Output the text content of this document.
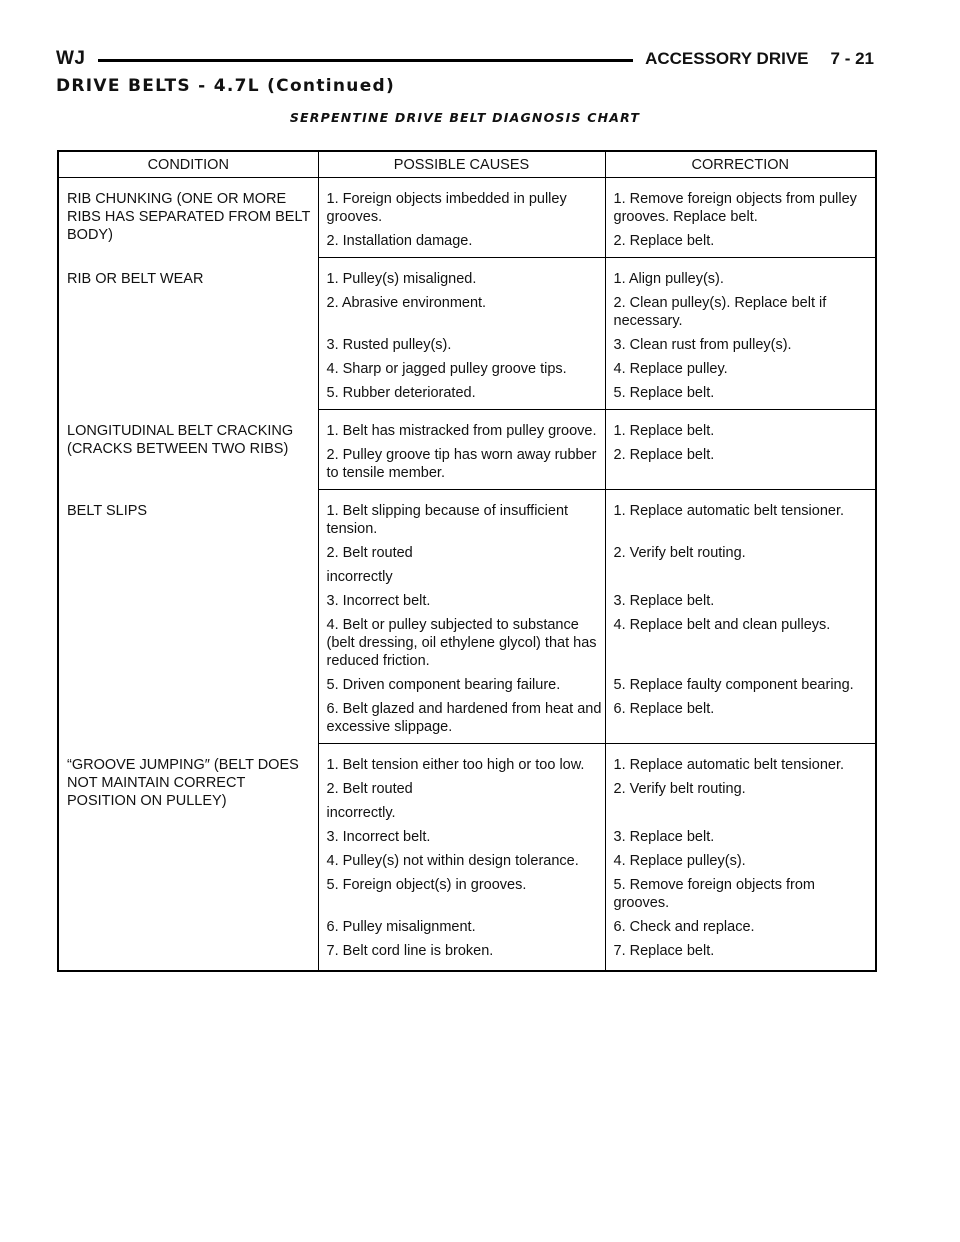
WJ	ACCESSORY DRIVE 7 - 21
DRIVE BELTS - 4.7L (Continued)
SERPENTINE DRIVE BELT DIAGNOSIS CHART
CONDITION	POSSIBLE CAUSES	CORRECTION
RIB CHUNKING (ONE OR MORE RIBS HAS SEPARATED FROM BELT BODY)	1. Foreign objects imbedded in pulley grooves.	1. Remove foreign objects from pulley grooves. Replace belt.
	2. Installation damage.	2. Replace belt.
RIB OR BELT WEAR	1. Pulley(s) misaligned.	1. Align pulley(s).
	2. Abrasive environment.	2. Clean pulley(s). Replace belt if necessary.
	3. Rusted pulley(s).	3. Clean rust from pulley(s).
	4. Sharp or jagged pulley groove tips.	4. Replace pulley.
	5. Rubber deteriorated.	5. Replace belt.
LONGITUDINAL BELT CRACKING (CRACKS BETWEEN TWO RIBS)	1. Belt has mistracked from pulley groove.	1. Replace belt.
	2. Pulley groove tip has worn away rubber to tensile member.	2. Replace belt.
BELT SLIPS	1. Belt slipping because of insufficient tension.	1. Replace automatic belt tensioner.
	2. Belt routed	2. Verify belt routing.
	incorrectly	
	3. Incorrect belt.	3. Replace belt.
	4. Belt or pulley subjected to substance (belt dressing, oil ethylene glycol) that has reduced friction.	4. Replace belt and clean pulleys.
	5. Driven component bearing failure.	5. Replace faulty component bearing.
	6. Belt glazed and hardened from heat and excessive slippage.	6. Replace belt.
“GROOVE JUMPING″ (BELT DOES NOT MAINTAIN CORRECT POSITION ON PULLEY)	1. Belt tension either too high or too low.	1. Replace automatic belt tensioner.
	2. Belt routed	2. Verify belt routing.
	incorrectly.	
	3. Incorrect belt.	3. Replace belt.
	4. Pulley(s) not within design tolerance.	4. Replace pulley(s).
	5. Foreign object(s) in grooves.	5. Remove foreign objects from grooves.
	6. Pulley misalignment.	6. Check and replace.
	7. Belt cord line is broken.	7. Replace belt.
